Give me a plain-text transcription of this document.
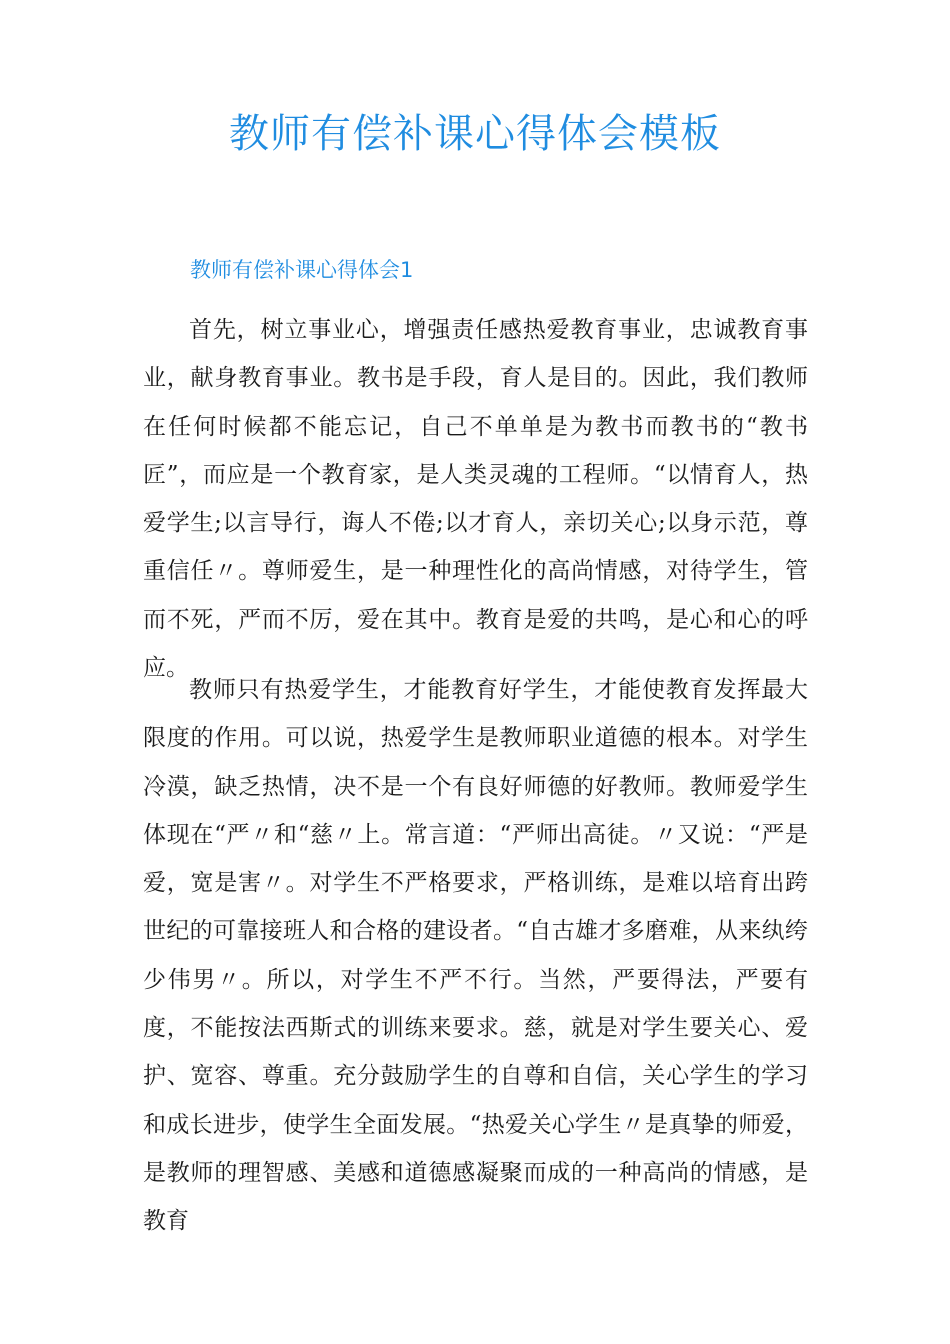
教师有偿补课心得体会模板
教师有偿补课心得体会1

首先，树立事业心，增强责任感热爱教育事业，忠诚教育事业，献身教育事业。教书是手段，育人是目的。因此，我们教师在任何时候都不能忘记，自己不单单是为教书而教书的“教书匠”，而应是一个教育家，是人类灵魂的工程师。“以情育人，热爱学生;以言导行，诲人不倦;以才育人，亲切关心;以身示范，尊重信任〃。尊师爱生，是一种理性化的高尚情感，对待学生，管而不死，严而不厉，爱在其中。教育是爱的共鸣，是心和心的呼应。

教师只有热爱学生，才能教育好学生，才能使教育发挥最大限度的作用。可以说，热爱学生是教师职业道德的根本。对学生冷漠，缺乏热情，决不是一个有良好师德的好教师。教师爱学生体现在“严〃和“慈〃上。常言道：“严师出高徒。〃又说：“严是爱，宽是害〃。对学生不严格要求，严格训练，是难以培育出跨世纪的可靠接班人和合格的建设者。“自古雄才多磨难，从来纨绔少伟男〃。所以，对学生不严不行。当然，严要得法，严要有度，不能按法西斯式的训练来要求。慈，就是对学生要关心、爱护、宽容、尊重。充分鼓励学生的自尊和自信，关心学生的学习和成长进步，使学生全面发展。“热爱关心学生〃是真挚的师爱，是教师的理智感、美感和道德感凝聚而成的一种高尚的情感，是教育
